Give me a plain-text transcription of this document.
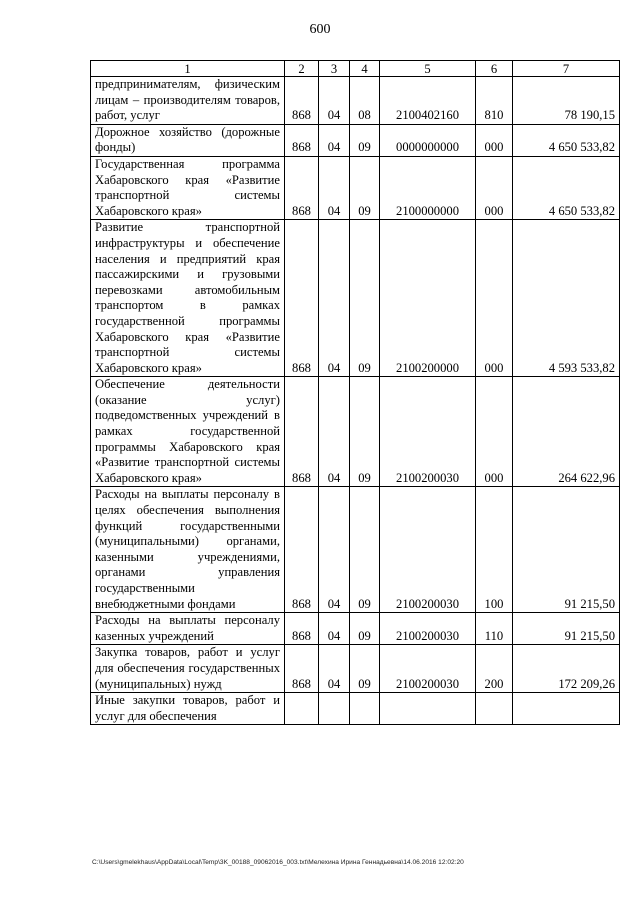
600
1	2	3	4	5	6	7
предпринимателям, физическим лицам – производителям товаров, работ, услуг	868	04	08	2100402160	810	78 190,15
Дорожное хозяйство (дорожные фонды)	868	04	09	0000000000	000	4 650 533,82
Государственная программа Хабаровского края «Развитие транспортной системы Хабаровского края»	868	04	09	2100000000	000	4 650 533,82
Развитие транспортной инфраструктуры и обеспечение населения и предприятий края пассажирскими и грузовыми перевозками автомобильным транспортом в рамках государственной программы Хабаровского края «Развитие транспортной системы Хабаровского края»	868	04	09	2100200000	000	4 593 533,82
Обеспечение деятельности (оказание услуг) подведомственных учреждений в рамках государственной программы Хабаровского края «Развитие транспортной системы Хабаровского края»	868	04	09	2100200030	000	264 622,96
Расходы на выплаты персоналу в целях обеспечения выполнения функций государственными (муниципальными) органами, казенными учреждениями, органами управления государственными внебюджетными фондами	868	04	09	2100200030	100	91 215,50
Расходы на выплаты персоналу казенных учреждений	868	04	09	2100200030	110	91 215,50
Закупка товаров, работ и услуг для обеспечения государственных (муниципальных) нужд	868	04	09	2100200030	200	172 209,26
Иные закупки товаров, работ и услуг для обеспечения						
C:\Users\gmelekhaus\AppData\Local\Temp\3K_00188_09062016_003.txt\Мелехина Ирина Геннадьевна\14.06.2016 12:02:20
